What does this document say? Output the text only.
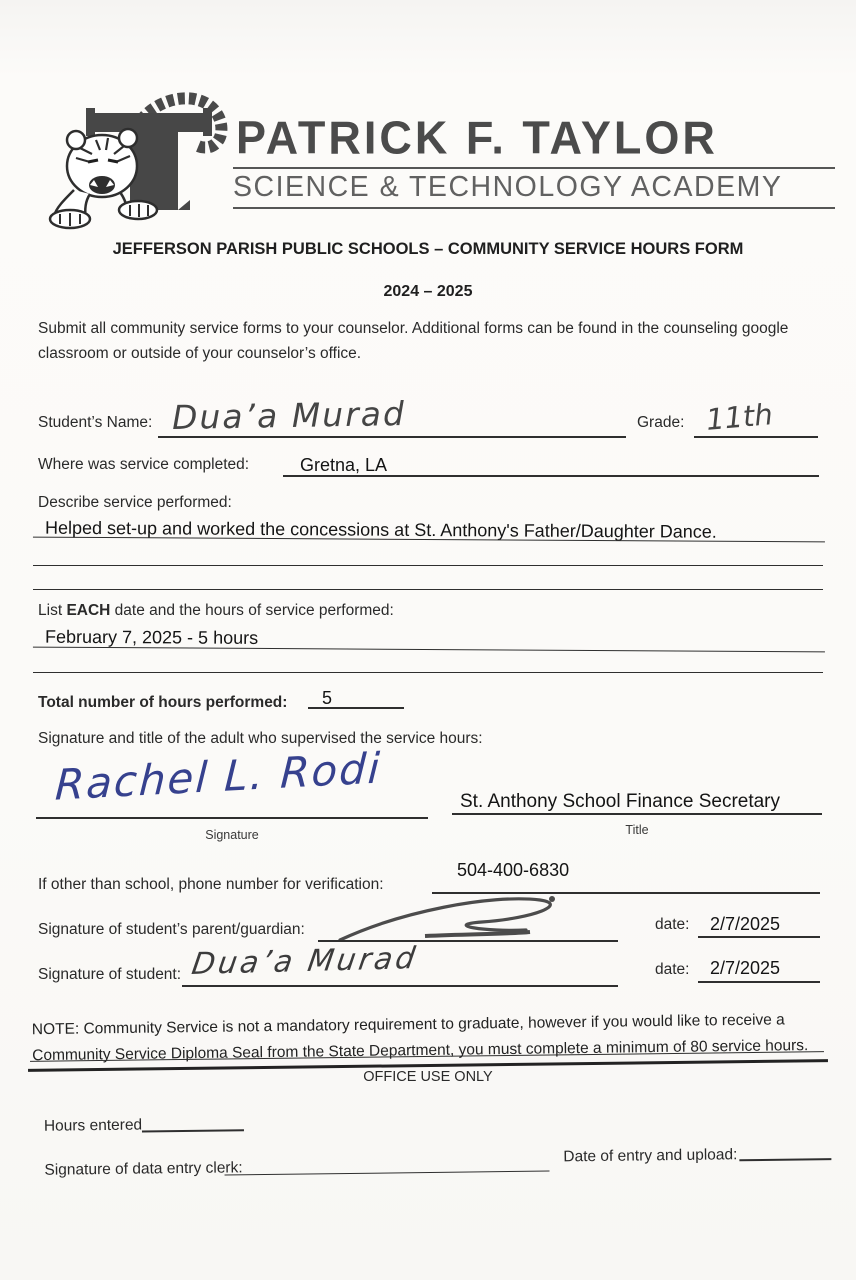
PATRICK F. TAYLOR
SCIENCE & TECHNOLOGY ACADEMY
JEFFERSON PARISH PUBLIC SCHOOLS – COMMUNITY SERVICE HOURS FORM
2024 – 2025
Submit all community service forms to your counselor. Additional forms can be found in the counseling google classroom or outside of your counselor’s office.
Student’s Name: Dua’a Murad	Grade: 11th
Where was service completed:	Gretna, LA
Describe service performed:
Helped set-up and worked the concessions at St. Anthony's Father/Daughter Dance.
List EACH date and the hours of service performed:
February 7, 2025 - 5 hours
Total number of hours performed: 5
Signature and title of the adult who supervised the service hours:
Rachel L. Rodi	St. Anthony School Finance Secretary
Signature	Title
If other than school, phone number for verification:
504-400-6830
Signature of student’s parent/guardian:	date: 2/7/2025
Signature of student: Dua’a Murad	date: 2/7/2025
NOTE: Community Service is not a mandatory requirement to graduate, however if you would like to receive a Community Service Diploma Seal from the State Department, you must complete a minimum of 80 service hours.
OFFICE USE ONLY
Hours entered
Signature of data entry clerk:
Date of entry and upload:
